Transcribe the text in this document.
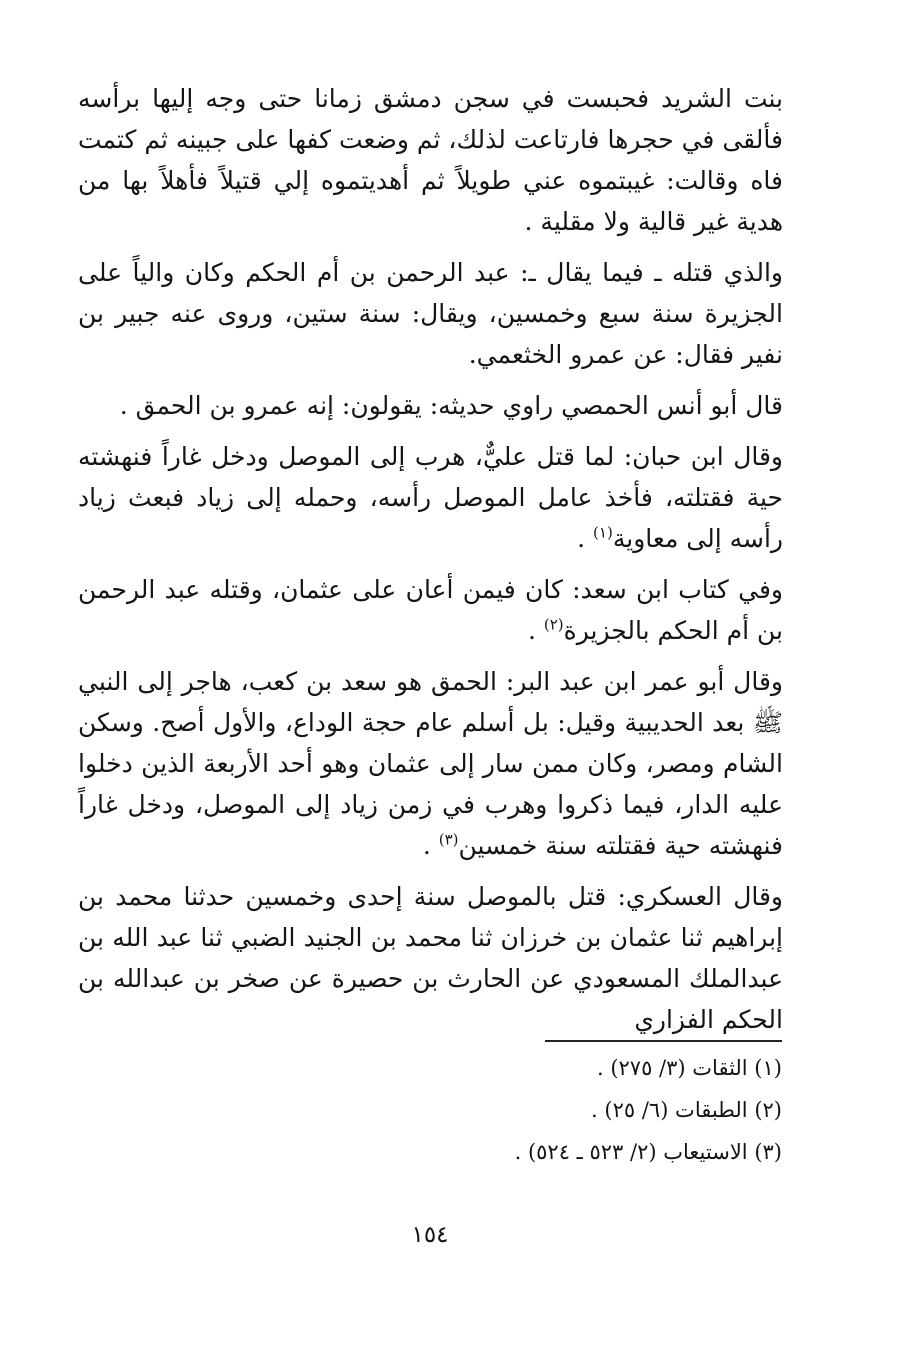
بنت الشريد فحبست في سجن دمشق زمانا حتى وجه إليها برأسه فألقى في حجرها فارتاعت لذلك، ثم وضعت كفها على جبينه ثم كتمت فاه وقالت: غيبتموه عني طويلاً ثم أهديتموه إلي قتيلاً فأهلاً بها من هدية غير قالية ولا مقلية .

والذي قتله ـ فيما يقال ـ: عبد الرحمن بن أم الحكم وكان والياً على الجزيرة سنة سبع وخمسين، ويقال: سنة ستين، وروى عنه جبير بن نفير فقال: عن عمرو الخثعمي.

قال أبو أنس الحمصي راوي حديثه: يقولون: إنه عمرو بن الحمق .

وقال ابن حبان: لما قتل عليٌّ، هرب إلى الموصل ودخل غاراً فنهشته حية فقتلته، فأخذ عامل الموصل رأسه، وحمله إلى زياد فبعث زياد رأسه إلى معاوية$^{(١)}$ .

وفي كتاب ابن سعد: كان فيمن أعان على عثمان، وقتله عبد الرحمن بن أم الحكم بالجزيرة$^{(٢)}$ .

وقال أبو عمر ابن عبد البر: الحمق هو سعد بن كعب، هاجر إلى النبي ﷺ بعد الحديبية وقيل: بل أسلم عام حجة الوداع، والأول أصح. وسكن الشام ومصر، وكان ممن سار إلى عثمان وهو أحد الأربعة الذين دخلوا عليه الدار، فيما ذكروا وهرب في زمن زياد إلى الموصل، ودخل غاراً فنهشته حية فقتلته سنة خمسين$^{(٣)}$ .

وقال العسكري: قتل بالموصل سنة إحدى وخمسين حدثنا محمد بن إبراهيم ثنا عثمان بن خرزان ثنا محمد بن الجنيد الضبي ثنا عبد الله بن عبدالملك المسعودي عن الحارث بن حصيرة عن صخر بن عبدالله بن الحكم الفزاري

(١) الثقات (٣/ ٢٧٥) .

(٢) الطبقات (٦/ ٢٥) .

(٣) الاستيعاب (٢/ ٥٢٣ ـ ٥٢٤) .

١٥٤
